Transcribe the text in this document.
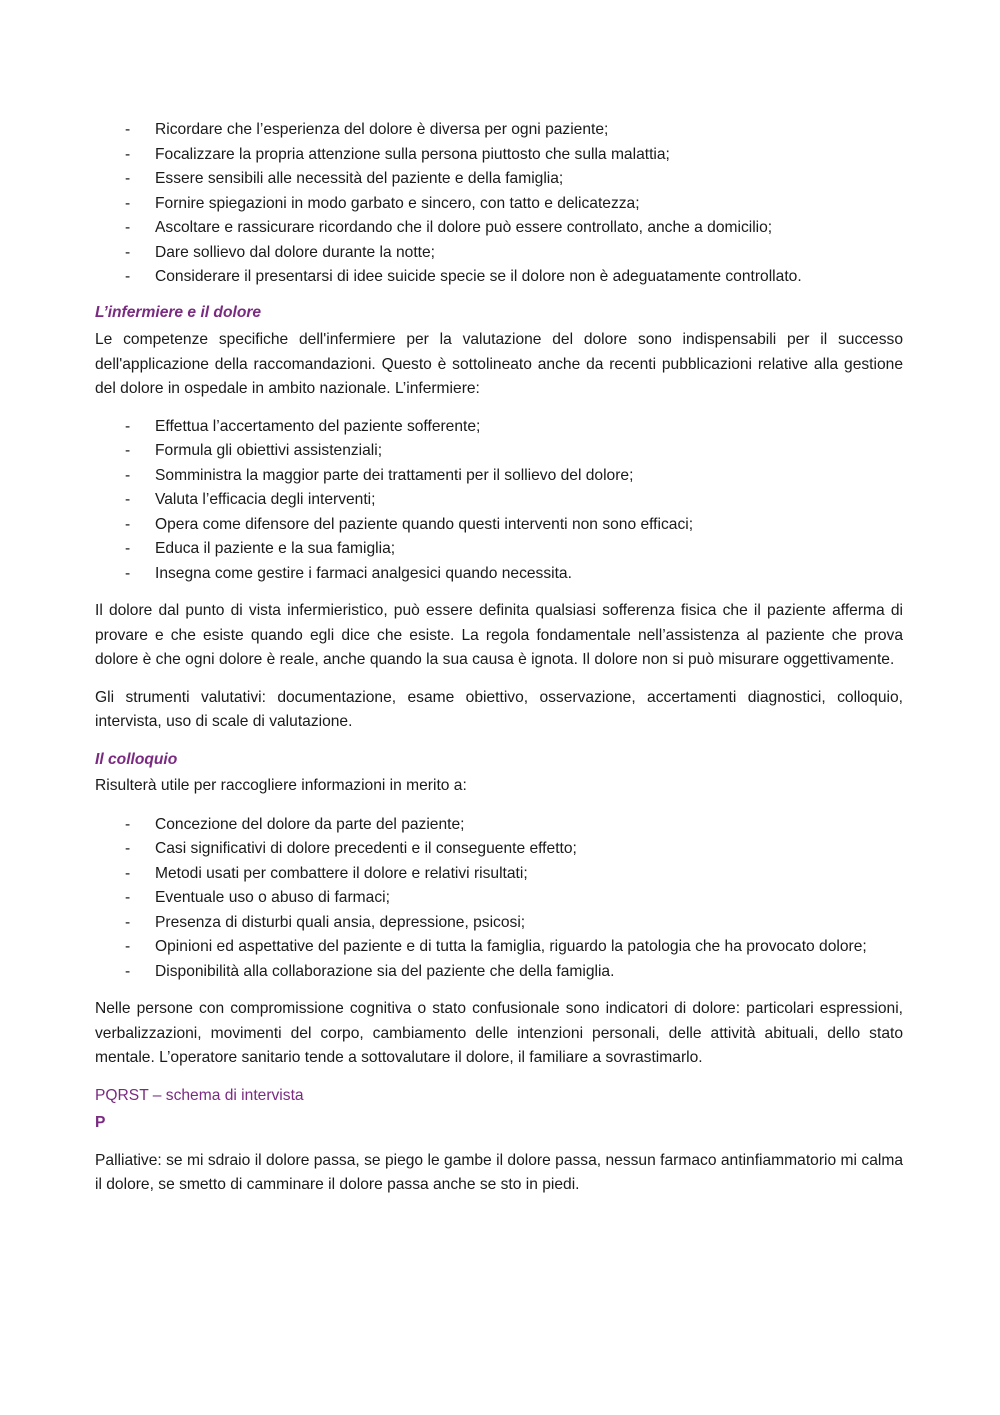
- Ricordare che l’esperienza del dolore è diversa per ogni paziente;
- Focalizzare la propria attenzione sulla persona piuttosto che sulla malattia;
- Essere sensibili alle necessità del paziente e della famiglia;
- Fornire spiegazioni in modo garbato e sincero, con tatto e delicatezza;
- Ascoltare e rassicurare ricordando che il dolore può essere controllato, anche a domicilio;
- Dare sollievo dal dolore durante la notte;
- Considerare il presentarsi di idee suicide specie se il dolore non è adeguatamente controllato.
L’infermiere e il dolore

Le competenze specifiche dell'infermiere per la valutazione del dolore sono indispensabili per il successo dell'applicazione della raccomandazioni. Questo è sottolineato anche da recenti pubblicazioni relative alla gestione del dolore in ospedale in ambito nazionale. L’infermiere:

- Effettua l’accertamento del paziente sofferente;
- Formula gli obiettivi assistenziali;
- Somministra la maggior parte dei trattamenti per il sollievo del dolore;
- Valuta l’efficacia degli interventi;
- Opera come difensore del paziente quando questi interventi non sono efficaci;
- Educa il paziente e la sua famiglia;
- Insegna come gestire i farmaci analgesici quando necessita.

Il dolore dal punto di vista infermieristico, può essere definita qualsiasi sofferenza fisica che il paziente afferma di provare e che esiste quando egli dice che esiste. La regola fondamentale nell’assistenza al paziente che prova dolore è che ogni dolore è reale, anche quando la sua causa è ignota. Il dolore non si può misurare oggettivamente.

Gli strumenti valutativi: documentazione, esame obiettivo, osservazione, accertamenti diagnostici, colloquio, intervista, uso di scale di valutazione.

Il colloquio

Risulterà utile per raccogliere informazioni in merito a:

- Concezione del dolore da parte del paziente;
- Casi significativi di dolore precedenti e il conseguente effetto;
- Metodi usati per combattere il dolore e relativi risultati;
- Eventuale uso o abuso di farmaci;
- Presenza di disturbi quali ansia, depressione, psicosi;
- Opinioni ed aspettative del paziente e di tutta la famiglia, riguardo la patologia che ha provocato dolore;
- Disponibilità alla collaborazione sia del paziente che della famiglia.

Nelle persone con compromissione cognitiva o stato confusionale sono indicatori di dolore: particolari espressioni, verbalizzazioni, movimenti del corpo, cambiamento delle intenzioni personali, delle attività abituali, dello stato mentale. L’operatore sanitario tende a sottovalutare il dolore, il familiare a sovrastimarlo.

PQRST – schema di intervista
P

Palliative: se mi sdraio il dolore passa, se piego le gambe il dolore passa, nessun farmaco antinfiammatorio mi calma il dolore, se smetto di camminare il dolore passa anche se sto in piedi.
